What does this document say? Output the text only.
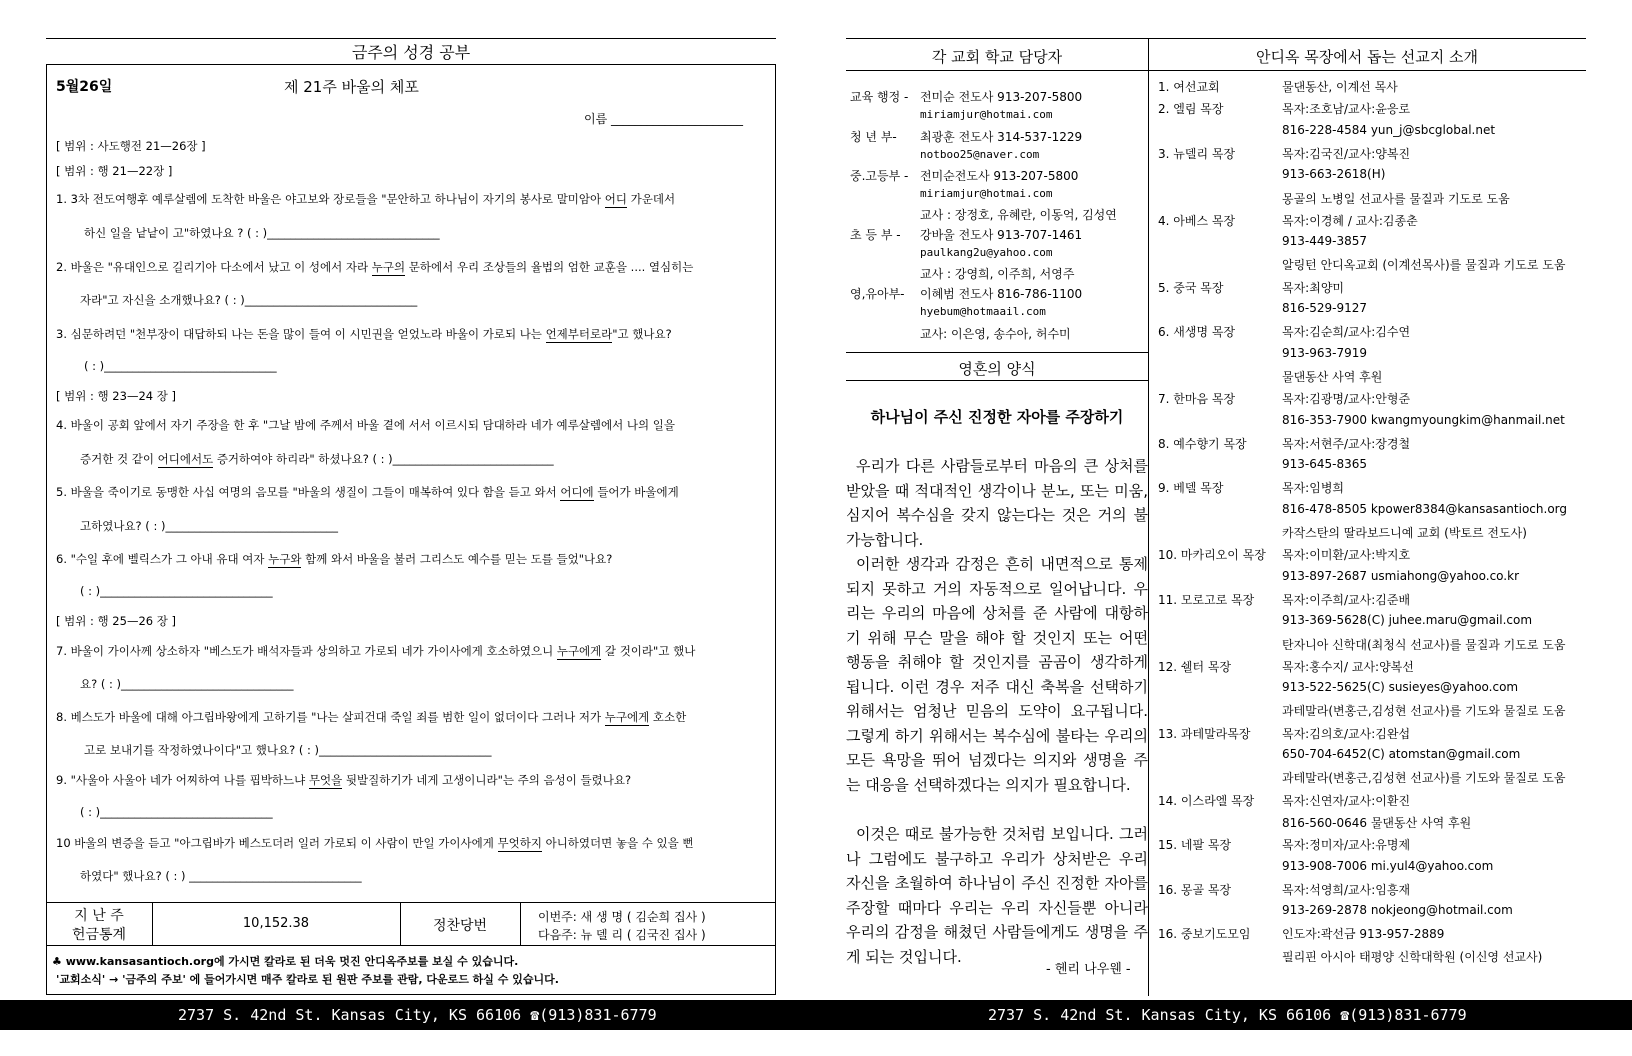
금주의 성경 공부
5월26일	제 21주 바울의 체포
이름 ______________________
[ 범위 : 사도행전 21—26장 ]
[ 범위 : 행 21—22장 ]
1. 3차 전도여행후 예루살렘에 도착한 바울은 야고보와 장로들을 "문안하고 하나님이 자기의 봉사로 말미암아 어디 가운데서
하신 일을 낱낱이 고"하였나요 ? ( : )______________________________
2. 바울은 "유대인으로 길리기아 다소에서 났고 이 성에서 자라 누구의 문하에서 우리 조상들의 율법의 엄한 교훈을 .... 열심히는
자라"고 자신을 소개했나요? ( : )______________________________
3. 심문하려던 "천부장이 대답하되 나는 돈을 많이 들여 이 시민권을 얻었노라 바울이 가로되 나는 언제부터로라"고 했나요?
( : )______________________________
[ 범위 : 행 23—24 장 ]
4. 바울이 공회 앞에서 자기 주장을 한 후 "그날 밤에 주께서 바울 곁에 서서 이르시되 담대하라 네가 예루살렘에서 나의 일을
증거한 것 같이 어디에서도 증거하여야 하리라" 하셨나요? ( : )____________________________
5. 바울을 죽이기로 동맹한 사십 여명의 음모를 "바울의 생질이 그들이 매복하여 있다 함을 듣고 와서 어디에 들어가 바울에게
고하였나요? ( : )______________________________
6. "수일 후에 벨릭스가 그 아내 유대 여자 누구와 함께 와서 바울을 불러 그리스도 예수를 믿는 도를 들었"나요?
( : )______________________________
[ 범위 : 행 25—26 장 ]
7. 바울이 가이사께 상소하자 "베스도가 배석자들과 상의하고 가로되 네가 가이사에게 호소하였으니 누구에게 갈 것이라"고 했나
요? ( : )______________________________
8. 베스도가 바울에 대해 아그립바왕에게 고하기를 "나는 살피건대 죽일 죄를 범한 일이 없더이다 그러나 저가 누구에게 호소한
고로 보내기를 작정하였나이다"고 했나요? ( : )______________________________
9. "사울아 사울아 네가 어찌하여 나를 핍박하느냐 무엇을 뒷발질하기가 네게 고생이니라"는 주의 음성이 들렸나요?
( : )______________________________
10 바울의 변증을 듣고 "아그립바가 베스도더러 일러 가로되 이 사람이 만일 가이사에게 무엇하지 아니하였더면 놓을 수 있을 뻔
하였다" 했나요? ( : ) ______________________________
지 난 주
헌금통계
10,152.38	정찬당번
이번주: 새 생 명 ( 김순희 집사 )
다음주: 뉴 델 리 ( 김국진 집사 )
♣ www.kansasantioch.org에 가시면 칼라로 된 더욱 멋진 안디옥주보를 보실 수 있습니다.
'교회소식' → '금주의 주보' 에 들어가시면 매주 칼라로 된 원판 주보를 관람, 다운로드 하실 수 있습니다.
2737 S. 42nd St. Kansas City, KS 66106 ☎(913)831-6779
각 교회 학교 담당자	안디옥 목장에서 돕는 선교지 소개
교육 행정 - 전미순 전도사 913-207-5800
miriamjur@hotmai.com
청 년 부- 최광훈 전도사 314-537-1229
notboo25@naver.com
중.고등부 - 전미순전도사 913-207-5800
miriamjur@hotmai.com
교사 : 장정호, 유혜란, 이동억, 김성연
초 등 부 - 강바울 전도사 913-707-1461
paulkang2u@yahoo.com
교사 : 강영희, 이주희, 서영주
영,유아부- 이혜범 전도사 816-786-1100
hyebum@hotmaail.com
교사: 이은영, 송수아, 허수미
영혼의 양식
하나님이 주신 진정한 자아를 주장하기
우리가 다른 사람들로부터 마음의 큰 상처를 받았을 때 적대적인 생각이나 분노, 또는 미움, 심지어 복수심을 갖지 않는다는 것은 거의 불가능합니다.
이러한 생각과 감정은 흔히 내면적으로 통제되지 못하고 거의 자동적으로 일어납니다. 우리는 우리의 마음에 상처를 준 사람에 대항하기 위해 무슨 말을 해야 할 것인지 또는 어떤 행동을 취해야 할 것인지를 곰곰이 생각하게 됩니다. 이런 경우 저주 대신 축복을 선택하기 위해서는 엄청난 믿음의 도약이 요구됩니다. 그렇게 하기 위해서는 복수심에 불타는 우리의 모든 욕망을 뛰어 넘겠다는 의지와 생명을 주는 대응을 선택하겠다는 의지가 필요합니다.
이것은 때로 불가능한 것처럼 보입니다. 그러나 그럼에도 불구하고 우리가 상처받은 우리 자신을 초월하여 하나님이 주신 진정한 자아를 주장할 때마다 우리는 우리 자신들뿐 아니라 우리의 감정을 해쳤던 사람들에게도 생명을 주게 되는 것입니다.
- 헨리 나우웬 -
1. 여선교회	물댄동산, 이계선 목사
2. 엘림 목장	목자:조호남/교사:윤응로
816-228-4584 yun_j@sbcglobal.net
3. 뉴델리 목장	목자:김국진/교사:양복진
913-663-2618(H)
몽골의 노병일 선교사를 물질과 기도로 도움
4. 아베스 목장	목자:이경혜 / 교사:김종춘
913-449-3857
알링턴 안디옥교회 (이계선목사)를 물질과 기도로 도움
5. 중국 목장	목자:최양미
816-529-9127
6. 새생명 목장	목자:김순희/교사:김수연
913-963-7919
물댄동산 사역 후원
7. 한마음 목장	목자:김광명/교사:안형준
816-353-7900 kwangmyoungkim@hanmail.net
8. 예수향기 목장	목자:서현주/교사:장경철
913-645-8365
9. 베델 목장	목자:임병희
816-478-8505 kpower8384@kansasantioch.org
카작스탄의 딸라보드니예 교회 (박토르 전도사)
10. 마카리오이 목장 목자:이미환/교사:박지호
913-897-2687 usmiahong@yahoo.co.kr
11. 모로고로 목장 목자:이주희/교사:김준배
913-369-5628(C) juhee.maru@gmail.com
탄자니아 신학대(최청식 선교사)를 물질과 기도로 도움
12. 쉘터 목장	목자:홍수지/ 교사:양복선
913-522-5625(C) susieyes@yahoo.com
과테말라(변홍근,김성현 선교사)를 기도와 물질로 도움
13. 과테말라목장	목자:김의호/교사:김완섭
650-704-6452(C) atomstan@gmail.com
과테말라(변홍근,김성현 선교사)를 기도와 물질로 도움
14. 이스라엘 목장 목자:신연자/교사:이환진
816-560-0646 물댄동산 사역 후원
15. 네팔 목장	목자:정미자/교사:유명제
913-908-7006 mi.yul4@yahoo.com
16. 몽골 목장	목자:석영희/교사:임흥재
913-269-2878 nokjeong@hotmail.com
16. 중보기도모임	인도자:곽선금 913-957-2889
필리핀 아시아 태평양 신학대학원 (이신영 선교사)
2737 S. 42nd St. Kansas City, KS 66106 ☎(913)831-6779
